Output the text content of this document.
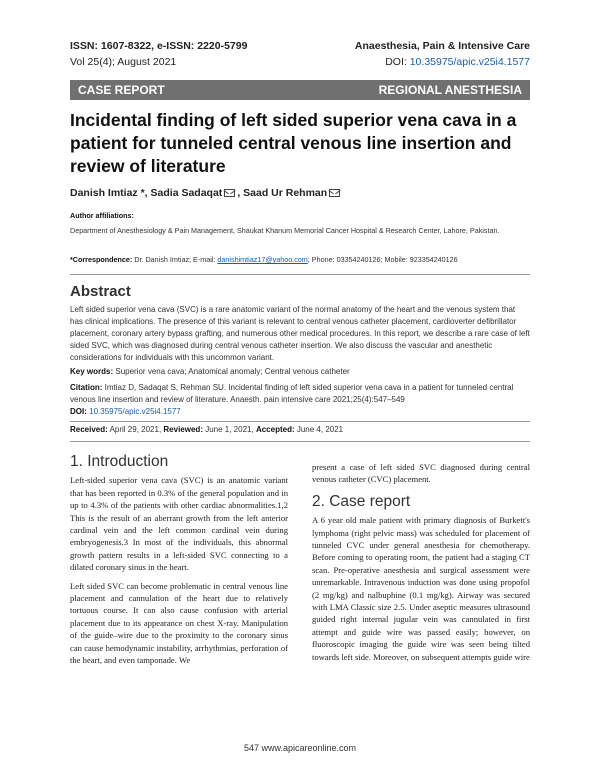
ISSN: 1607-8322, e-ISSN: 2220-5799	Anaesthesia, Pain & Intensive Care
Vol 25(4); August 2021	DOI: 10.35975/apic.v25i4.1577
CASE REPORT	REGIONAL ANESTHESIA
Incidental finding of left sided superior vena cava in a patient for tunneled central venous line insertion and review of literature
Danish Imtiaz *, Sadia Sadaqat , Saad Ur Rehman
Author affiliations:
Department of Anesthesiology & Pain Management, Shaukat Khanum Memorial Cancer Hospital & Research Center, Lahore, Pakistan.
*Correspondence: Dr. Danish Imtiaz; E-mail: danishimtiaz17@yahoo.com; Phone: 03354240126; Mobile: 923354240126
Abstract
Left sided superior vena cava (SVC) is a rare anatomic variant of the normal anatomy of the heart and the venous system that has clinical implications. The presence of this variant is relevant to central venous catheter placement, cardioverter defibrillator placement, coronary artery bypass grafting, and numerous other medical procedures. In this report, we describe a rare case of left sided SVC, which was diagnosed during central venous catheter insertion. We also discuss the vascular and anesthetic considerations for individuals with this uncommon variant.
Key words: Superior vena cava; Anatomical anomaly; Central venous catheter
Citation: Imtiaz D, Sadaqat S, Rehman SU. Incidental finding of left sided superior vena cava in a patient for tunneled central venous line insertion and review of literature. Anaesth. pain intensive care 2021;25(4):547–549
DOI: 10.35975/apic.v25i4.1577
Received: April 29, 2021, Reviewed: June 1, 2021, Accepted: June 4, 2021
1. Introduction

Left-sided superior vena cava (SVC) is an anatomic variant that has been reported in 0.3% of the general population and in up to 4.3% of the patients with other cardiac abnormalities.1,2 This is the result of an aberrant growth from the left anterior cardinal vein and the left common cardinal vein during embryogenesis.3 In most of the individuals, this abnormal growth pattern results in a left-sided SVC connecting to a dilated coronary sinus in the heart.

Left sided SVC can become problematic in central venous line placement and cannulation of the heart due to relatively tortuous course. It can also cause confusion with arterial placement due to its appearance on chest X-ray. Manipulation of the guide–wire due to the proximity to the coronary sinus can cause hemodynamic instability, arrhythmias, perforation of the heart, and even tamponade. We

present a case of left sided SVC diagnosed during central venous catheter (CVC) placement.

2. Case report

A 6 year old male patient with primary diagnosis of Burkett's lymphoma (right pelvic mass) was scheduled for placement of tunneled CVC under general anesthesia for chemotherapy. Before coming to operating room, the patient had a staging CT scan. Pre-operative anesthesia and surgical assessment were unremarkable. Intravenous induction was done using propofol (2 mg/kg) and nalbuphine (0.1 mg/kg). Airway was secured with LMA Classic size 2.5. Under aseptic measures ultrasound guided right internal jugular vein was cannulated in first attempt and guide wire was passed easily; however, on fluoroscopic imaging the guide wire was seen being tilted towards left side. Moreover, on subsequent attempts guide wire

547 www.apicareonline.com
